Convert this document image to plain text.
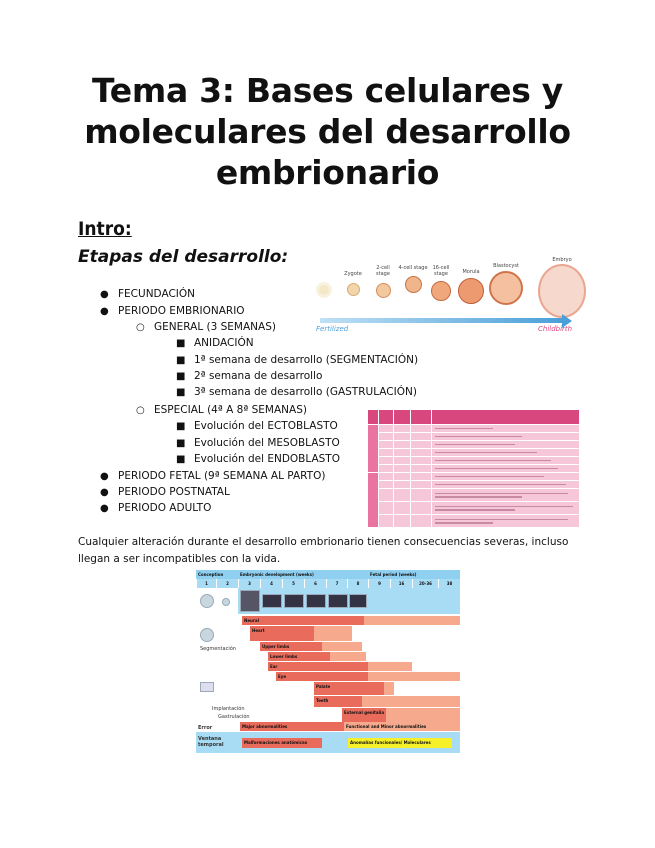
Tema 3: Bases celulares y
moleculares del desarrollo
embrionario

Intro:

Etapas del desarrollo:

● FECUNDACIÓN
● PERIODO EMBRIONARIO
○ GENERAL (3 SEMANAS)
■ ANIDACIÓN
■ 1ª semana de desarrollo (SEGMENTACIÓN)
■ 2ª semana de desarrollo
■ 3ª semana de desarrollo (GASTRULACIÓN)
○ ESPECIAL (4ª A 8ª SEMANAS)
■ Evolución del ECTOBLASTO
■ Evolución del MESOBLASTO
■ Evolución del ENDOBLASTO
● PERIODO FETAL (9ª SEMANA AL PARTO)
● PERIODO POSTNATAL
● PERIODO ADULTO
Zygote
2-cell stage
4-cell stage	16-cell stage	Morula
Blastocyst
Embryo
Fertilized	Childbirth

Cualquier alteración durante el desarrollo embrionario tienen consecuencias severas, incluso llegan a ser incompatibles con la vida.

Conception	Embryonic development (weeks)	Fetal period (weeks)
1	2	3	4	5	6	7	8	9	16	20-36	38
Neural
Heart
Segmentación	Upper limbs
Lower limbs
Ear
Eye
Palate
Teeth
Implantación
Gastrulación
External genitalia
Error	Major abnormalities	Functional and Minor abnormalities
Ventana temporal	Malformaciones anatómicas	Anomalías funcionales/ Moleculares
